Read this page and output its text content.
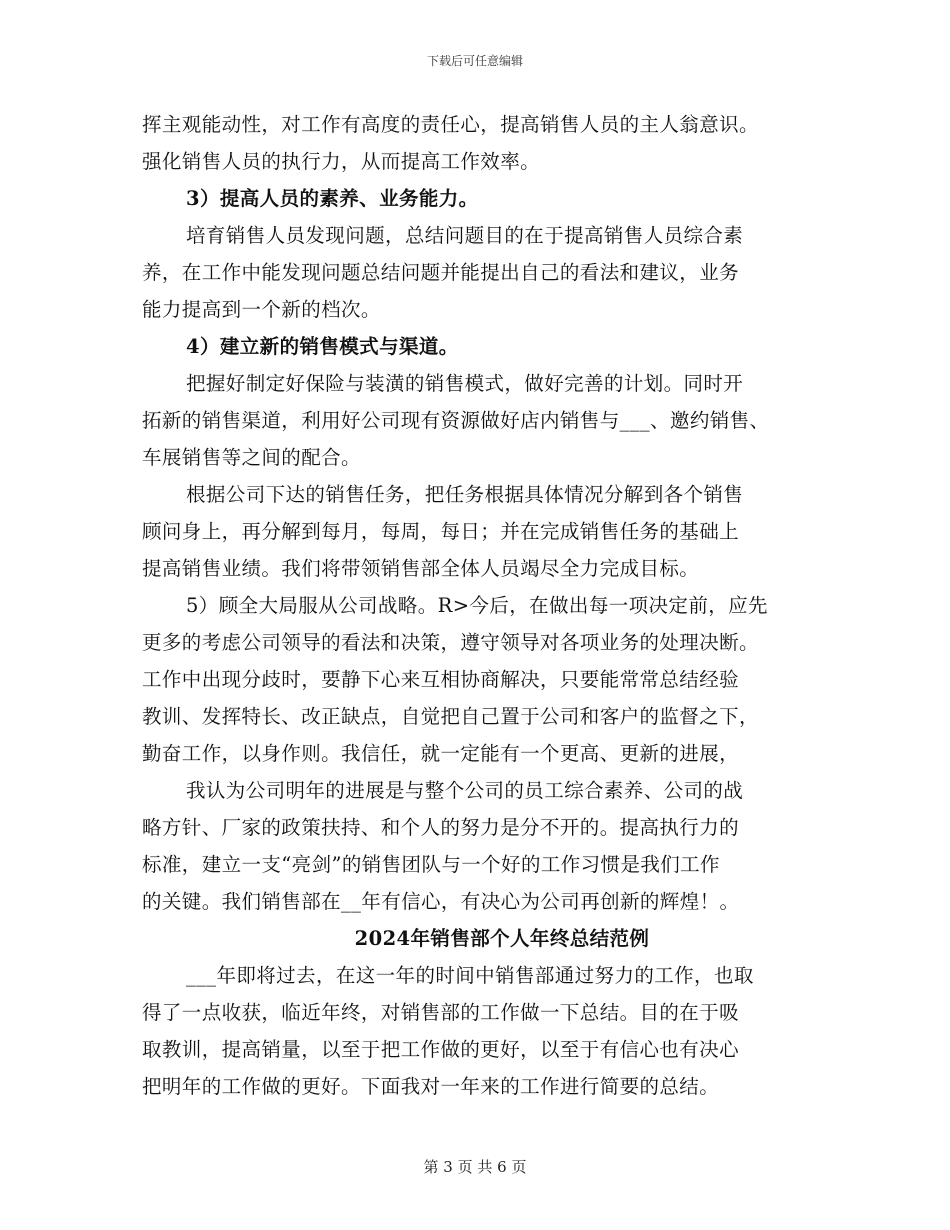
下载后可任意编辑
挥主观能动性，对工作有高度的责任心，提高销售人员的主人翁意识。
强化销售人员的执行力，从而提高工作效率。
3）提高人员的素养、业务能力。
培育销售人员发现问题，总结问题目的在于提高销售人员综合素
养，在工作中能发现问题总结问题并能提出自己的看法和建议，业务
能力提高到一个新的档次。
4）建立新的销售模式与渠道。
把握好制定好保险与装潢的销售模式，做好完善的计划。同时开
拓新的销售渠道，利用好公司现有资源做好店内销售与___、邀约销售、
车展销售等之间的配合。
根据公司下达的销售任务，把任务根据具体情况分解到各个销售
顾问身上，再分解到每月，每周，每日；并在完成销售任务的基础上
提高销售业绩。我们将带领销售部全体人员竭尽全力完成目标。
5）顾全大局服从公司战略。R>今后，在做出每一项决定前，应先
更多的考虑公司领导的看法和决策，遵守领导对各项业务的处理决断。
工作中出现分歧时，要静下心来互相协商解决，只要能常常总结经验
教训、发挥特长、改正缺点，自觉把自己置于公司和客户的监督之下，
勤奋工作，以身作则。我信任，就一定能有一个更高、更新的进展，
我认为公司明年的进展是与整个公司的员工综合素养、公司的战
略方针、厂家的政策扶持、和个人的努力是分不开的。提高执行力的
标准，建立一支“亮剑”的销售团队与一个好的工作习惯是我们工作
的关键。我们销售部在__年有信心，有决心为公司再创新的辉煌！。
2024年销售部个人年终总结范例
___年即将过去，在这一年的时间中销售部通过努力的工作，也取
得了一点收获，临近年终，对销售部的工作做一下总结。目的在于吸
取教训，提高销量，以至于把工作做的更好，以至于有信心也有决心
把明年的工作做的更好。下面我对一年来的工作进行简要的总结。
第 3 页 共 6 页
